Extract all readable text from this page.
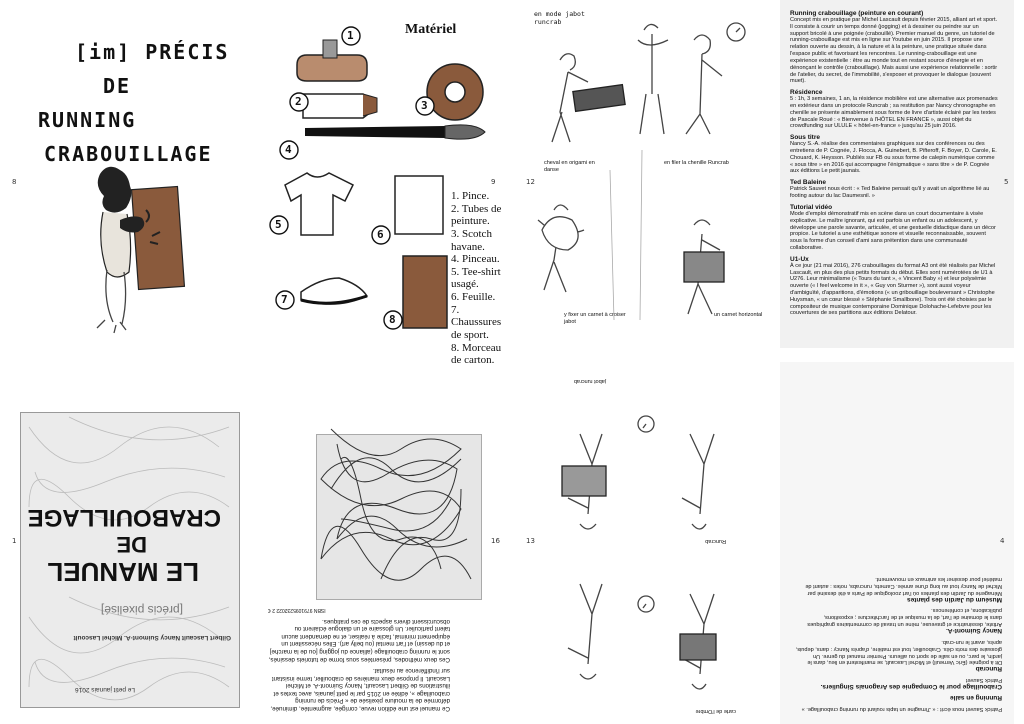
[im] PRÉCIS
DE
RUNNING
CRABOUILLAGE
8
Matériel
1
2	3
4
5
6
7
8
1. Pince.
2. Tubes de peinture.
3. Scotch havane.
4. Pinceau.
5. Tee-shirt usagé.
6. Feuille.
7. Chaussures de sport.
8. Morceau de carton.
9
en mode jabot runcrab
cheval en origami en danse
en filer la chenille Runcrab
y fixer un carnet à croiser jabot
un carnet horizontal
12
Running crabouillage (peinture en courant)

Concept mis en pratique par Michel Lascault depuis février 2015, alliant art et sport. Il consiste à courir un temps donné (jogging) et à dessiner ou peindre sur un support bricolé à une poignée (crabouillé). Premier manuel du genre, un tutoriel de running-crabouillage est mis en ligne sur Youtube en juin 2015. Il propose une relation ouverte au dessin, à la nature et à la peinture, une pratique située dans l'espace public et favorisant les rencontres. Le running-crabouillage est une expérience existentielle : être au monde tout en restant source d'énergie et en dénonçant le contrôle (crabouillage). Mais aussi une expérience relationnelle : sortir de l'atelier, du secret, de l'immobilité, s'exposer et provoquer le dialogue (souvent muet).

Résidence

5 : 1h, 3 semaines, 1 an, la résidence mobilière est une alternative aux promenades en extérieur dans un protocole Runcrab ; sa restitution par Nancy chronographe en chenille se présente aimablement sous forme de livre d'artiste éclairé par les textes de Pascale Roué : « Bienvenue à l'HÔTEL EN FRANCE », aussi objet du crowdfunding sur ULULE « hôtel-en-france » jusqu'au 25 juin 2016.

Sous titre

Nancy S.-A. réalise des commentaires graphiques sur des conférences ou des entretiens de P. Cognée, J. Flocca, A. Guinebert, B. Pifteroff, F. Boyer, D. Carole, E. Chouard, K. Heysson. Publiés sur FB ou sous forme de calepin numérique comme « sous titre » en 2016 qui accompagne l'énigmatique « sans titre » de P. Cognée aux éditions Le petit jaunais.

Ted Baleine

Patrick Sauvet nous écrit : « Ted Baleine pensait qu'il y avait un algorithme lié au footing autour du lac Daumesnil. »

Tutorial vidéo

Mode d'emploi démonstratif mis en scène dans un court documentaire à visée explicative. Le maître ignorant, qui est parfois un enfant ou un adolescent, y développe une parole savante, articulée, et une gestuelle didactique dans un décor propice. Le tutoriel a une esthétique sonore et visuelle reconnaissable, souvent sous la forme d'un conseil d'ami sans prétention dans une communauté collaborative.

U1-Ux

À ce jour (21 mai 2016), 276 crabouillages du format A3 ont été réalisés par Michel Lascault, en plus des plus petits formats du début. Elles sont numérotées de U1 à U276. Leur minimalisme (« Tours du tant », « Vincent Baby ») et leur polysémie ouverte (« I feel welcome in it », « Guy von Sturmer »), sont aussi voyeur d'ambiguïté, d'apparitions, d'émotions (« un gribouillage bouleversant » Christophe Huysman, « un cœur blessé » Stéphanie Smallbone). Trois ont été choisies par le compositeur de musique contemporaine Dominique Dolohache-Lefebvre pour les couvertures de ses partitions aux éditions Delatour.

5
LE MANUEL
DE
CRABOUILLAGE
[précis pixelisé]
Gilbert Lascault Nancy Suimont-A. Michel Lascoult
Le petit jaunais 2016
1

Ce manuel est une édition revue, corrigée, augmentée, diminuée, déformée de la moulure pixelisée de « Précis de running crabouillage », éditée en 2015 par le petit jaunais, avec textes et illustrations de Gilbert Lascault, Nancy Suimont-A. et Michel Lascault. Il propose deux manières de crabouiller, terme insistant sur l'indifférence au résultat.

Ces deux méthodes, présentées sous forme de tutoriels dessinés, sont le running crabouillage (alliance du jogging [ou de la marche] et du dessin) et l'art mental (ou belly art). Elles nécessitent un équipement minimal, facile à réaliser, et ne demandent aucun talent particulier. Un glossaire et un dialogue éclairent ou obscurcissent divers aspects de ces pratiques.

ISBN 9791095232022 2 €

16
carte de l'Ombre
jabot runcrab
Runcrab
13

Patrick Sauvet nous écrit : « J'imagine un tapis roulant du running crabouillage. »

Running en salle

Crabouillage pour le Compagnie des Aragonais Singuliers.

Patrick Sauvet

Runcrab

Dit à poignée (Éric Verneuil) et Michel Lascault, se manifestent en lieu, dans le jardin, le parc, ou en salle de sport ou ailleurs. Premier manuel du genre. Un glossaire des mots clés. Crabouiller, tout est matière, d'après Nancy : dans, depuis, après, avant le run-crab.

Nancy Suimont-A.

Artiste, dessinatrice et graveuse, mène un travail de commentaires graphiques dans le domaine de l'art, de la musique et de l'architecture ; expositions, publications, et conférences.

Muséum du Jardin des plantes

Ménagerie du Jardin des plantes où l'art zoologique de Paris a été dessiné par Michel de Nancy tout au long d'une année. Carnets, runcrabs, notes : autant de matériel pour dessiner les animaux en mouvement.

4
